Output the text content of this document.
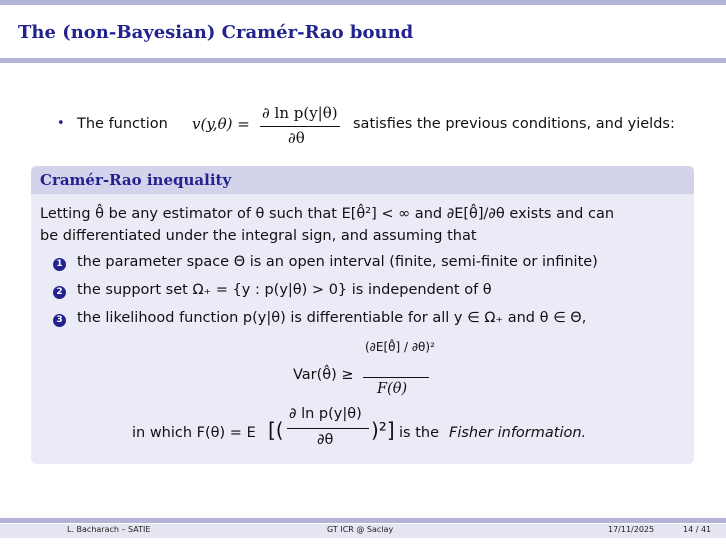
The (non-Bayesian) Cramér-Rao bound
• The function v(y,θ) =
∂ ln p(y|θ)
∂θ
satisfies the previous conditions, and yields:
Cramér-Rao inequality
Letting θ̂ be any estimator of θ such that E[θ̂²] < ∞ and ∂E[θ̂]/∂θ exists and can
be differentiated under the integral sign, and assuming that
1 the parameter space Θ is an open interval (finite, semi-finite or infinite)
2 the support set Ω₊ = {y : p(y|θ) > 0} is independent of θ
3 the likelihood function p(y|θ) is differentiable for all y ∈ Ω₊ and θ ∈ Θ,
Var(θ̂) ≥
(∂E[θ̂] / ∂θ)²
F(θ)
in which F(θ) = E [(
∂ ln p(y|θ)
∂θ )²] is the Fisher information.
L. Bacharach – SATIE	GT ICR @ Saclay	17/11/2025	14 / 41
